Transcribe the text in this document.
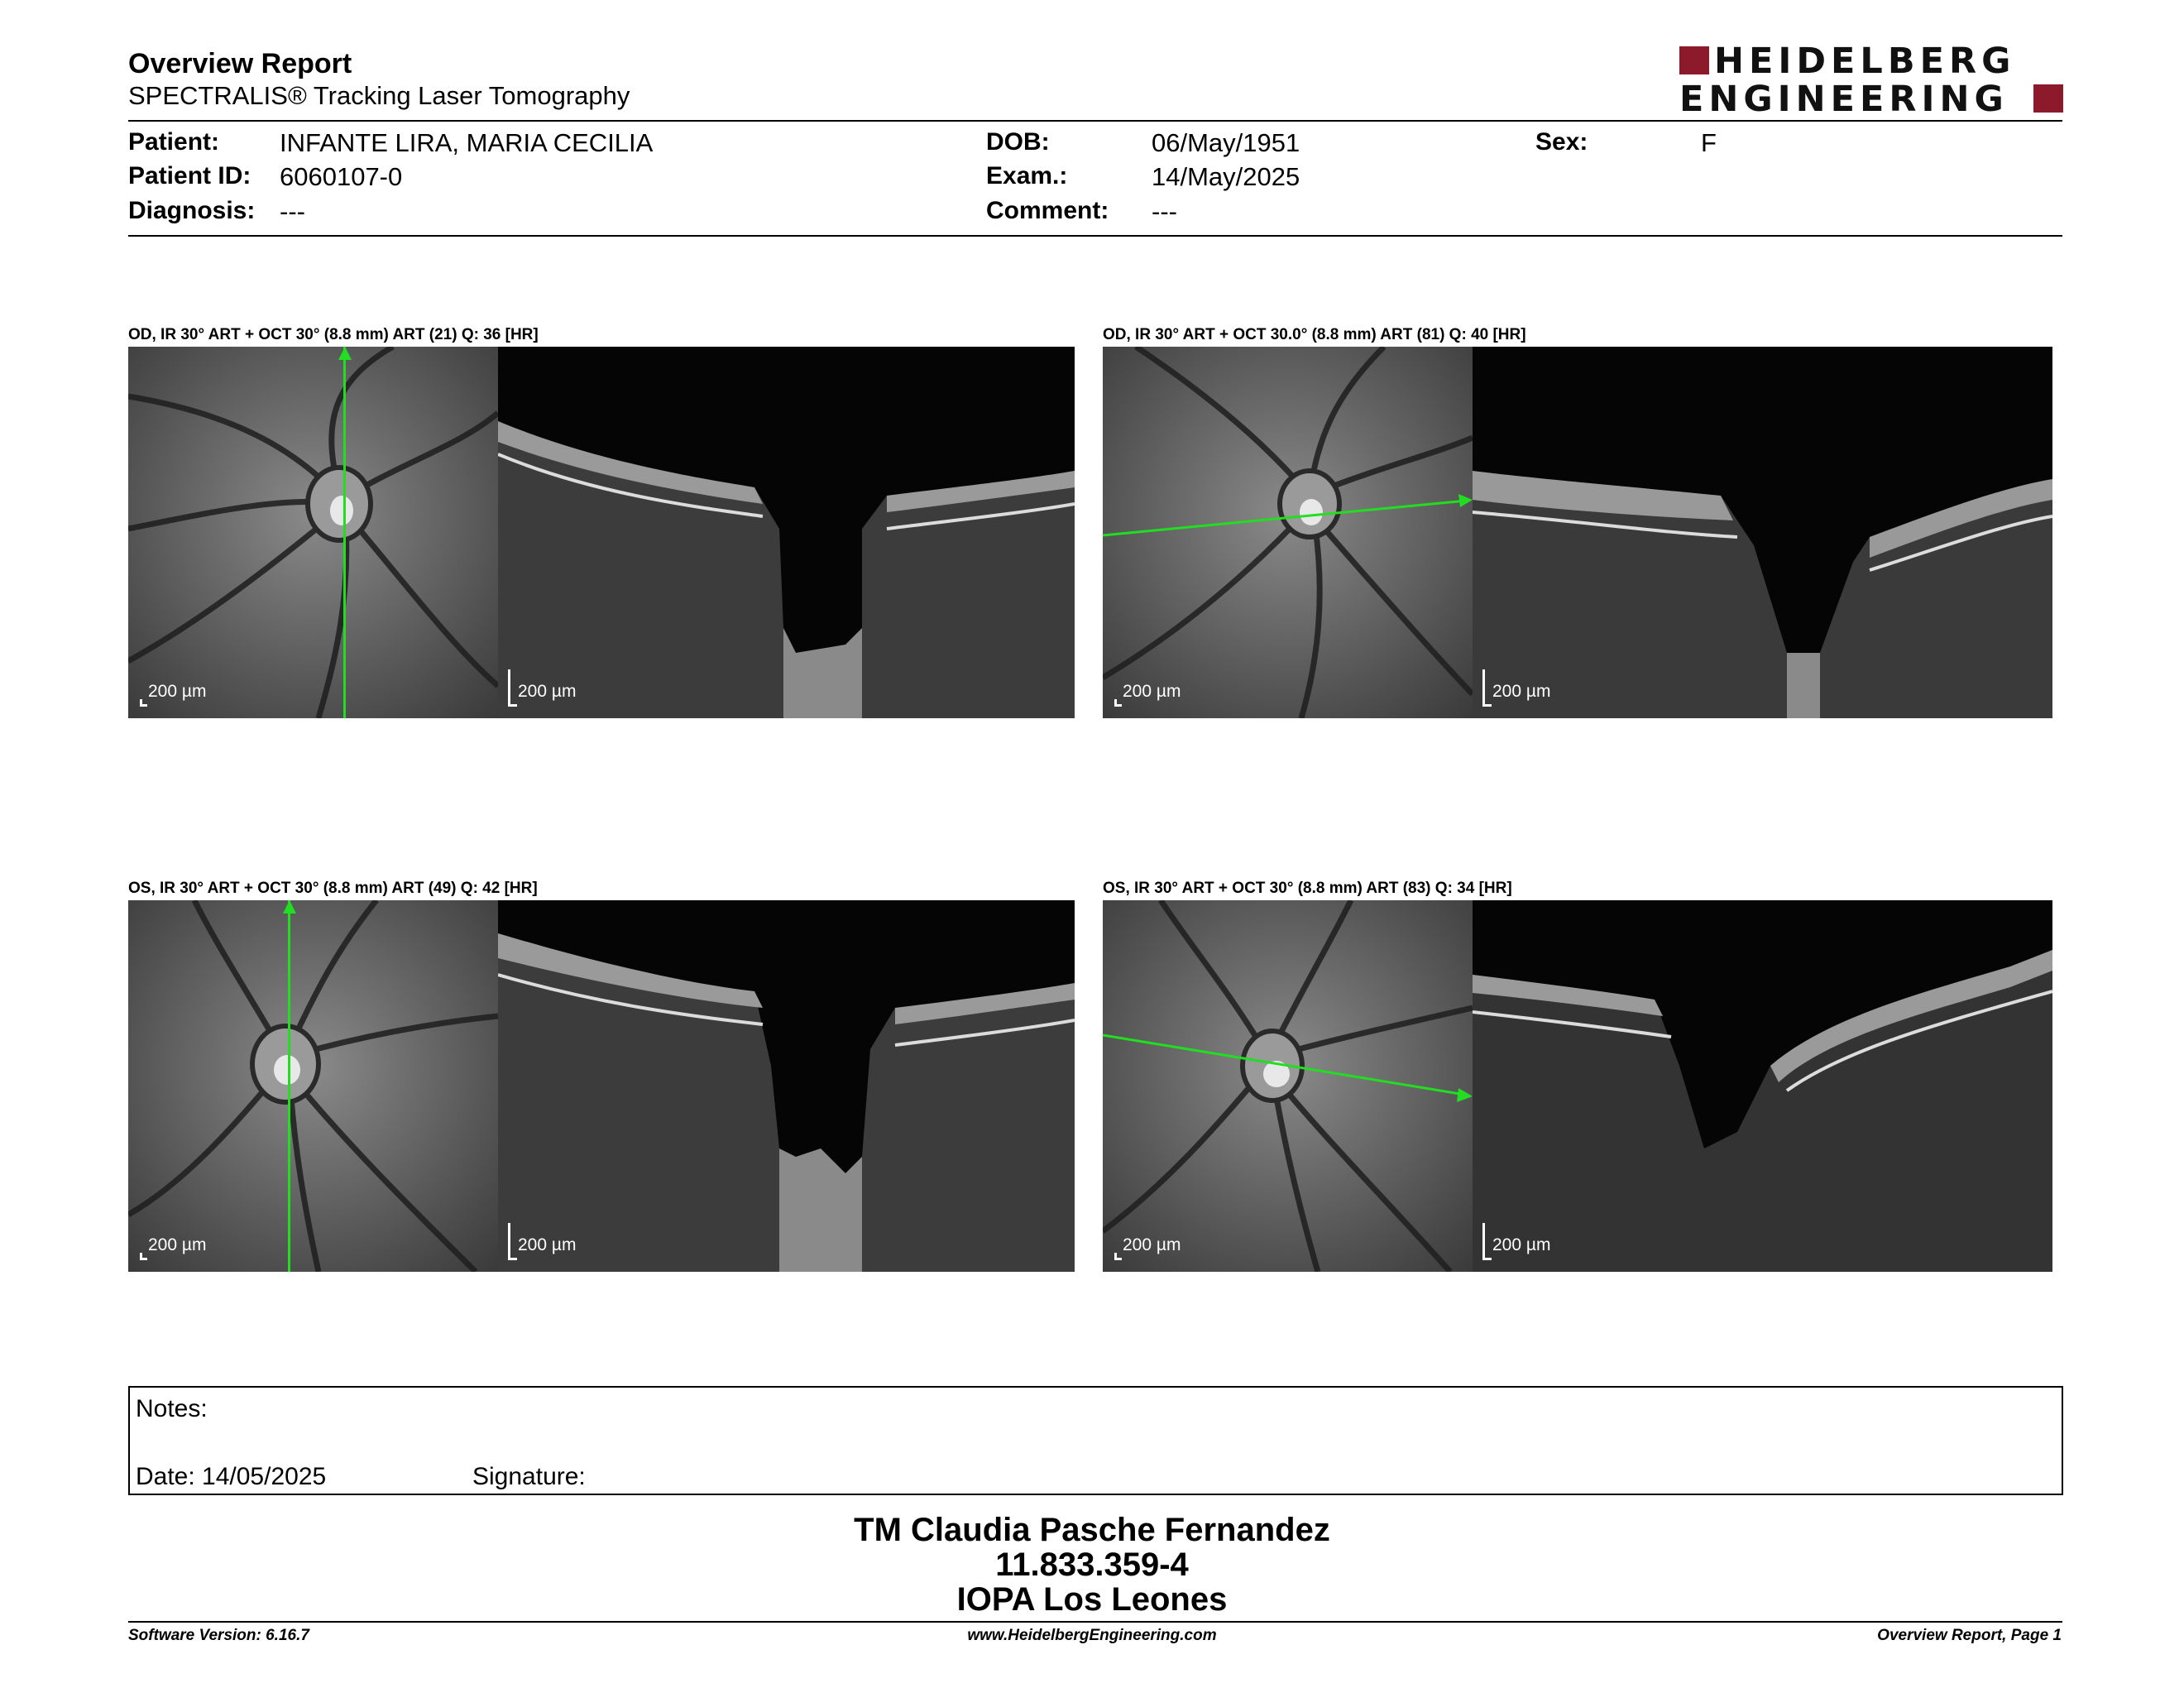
Overview Report
SPECTRALIS® Tracking Laser Tomography
HEIDELBERG
ENGINEERING
Patient: INFANTE LIRA, MARIA CECILIA
Patient ID: 6060107-0
Diagnosis: ---
DOB:	06/May/1951
Exam.:	14/May/2025
Comment: ---
Sex:	F
OD, IR 30° ART + OCT 30° (8.8 mm) ART (21) Q: 36 [HR]
200 µm	200 µm
OD, IR 30° ART + OCT 30.0° (8.8 mm) ART (81) Q: 40 [HR]
200 µm	200 µm
OS, IR 30° ART + OCT 30° (8.8 mm) ART (49) Q: 42 [HR]
200 µm	200 µm
OS, IR 30° ART + OCT 30° (8.8 mm) ART (83) Q: 34 [HR]
200 µm	200 µm
Notes:
Date: 14/05/2025	Signature:
TM Claudia Pasche Fernandez
11.833.359-4
IOPA Los Leones
Software Version: 6.16.7	www.HeidelbergEngineering.com	Overview Report, Page 1
